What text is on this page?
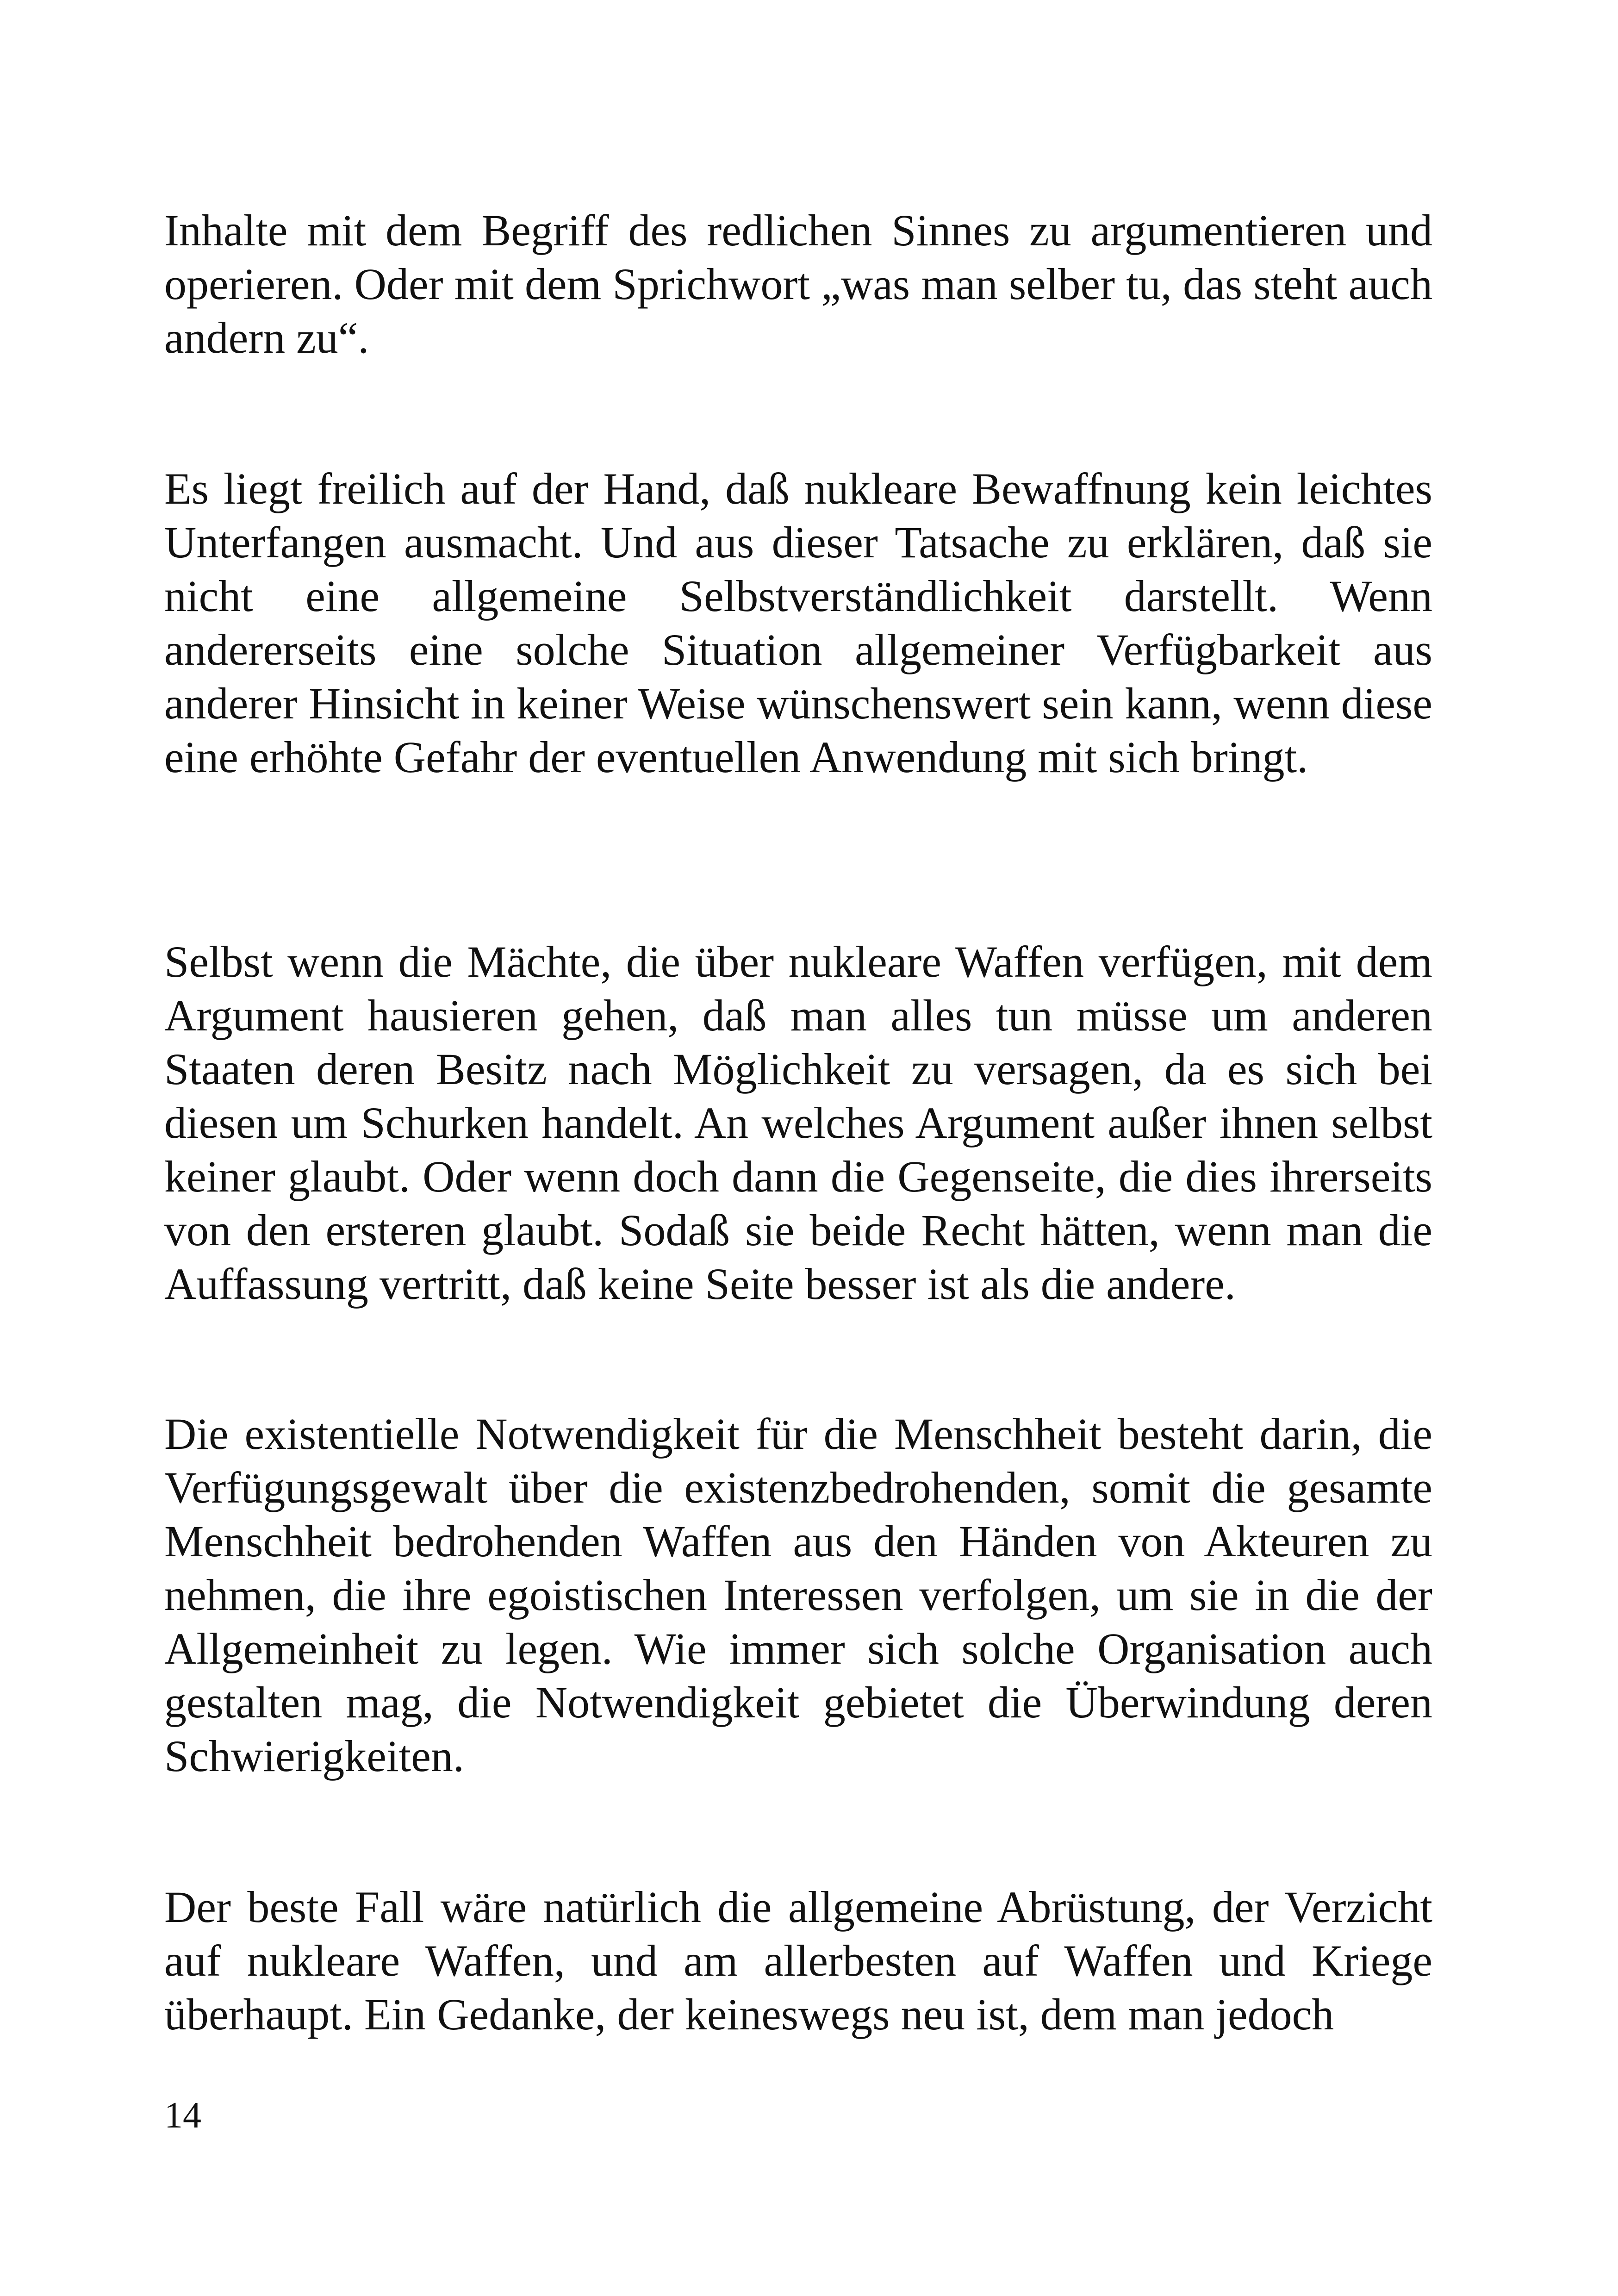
Inhalte mit dem Begriff des redlichen Sinnes zu argumentieren und operieren. Oder mit dem Sprichwort „was man selber tu, das steht auch andern zu“.

Es liegt freilich auf der Hand, daß nukleare Bewaffnung kein leichtes Unterfangen ausmacht. Und aus dieser Tatsache zu erklären, daß sie nicht eine allgemeine Selbstverständlichkeit darstellt. Wenn andererseits eine solche Situation allgemeiner Verfügbarkeit aus anderer Hinsicht in keiner Weise wünschenswert sein kann, wenn diese eine erhöhte Gefahr der eventuellen Anwendung mit sich bringt.

Selbst wenn die Mächte, die über nukleare Waffen verfügen, mit dem Argument hausieren gehen, daß man alles tun müsse um anderen Staaten deren Besitz nach Möglichkeit zu versagen, da es sich bei diesen um Schurken handelt. An welches Argument außer ihnen selbst keiner glaubt. Oder wenn doch dann die Gegenseite, die dies ihrerseits von den ersteren glaubt. Sodaß sie beide Recht hätten, wenn man die Auffassung vertritt, daß keine Seite besser ist als die andere.

Die existentielle Notwendigkeit für die Menschheit besteht darin, die Verfügungsgewalt über die existenzbedrohenden, somit die gesamte Menschheit bedrohenden Waffen aus den Händen von Akteuren zu nehmen, die ihre egoistischen Interessen verfolgen, um sie in die der Allgemeinheit zu legen. Wie immer sich solche Organisation auch gestalten mag, die Notwendigkeit gebietet die Überwindung deren Schwierigkeiten.

Der beste Fall wäre natürlich die allgemeine Abrüstung, der Verzicht auf nukleare Waffen, und am allerbesten auf Waffen und Kriege überhaupt. Ein Gedanke, der keineswegs neu ist, dem man jedoch

14
